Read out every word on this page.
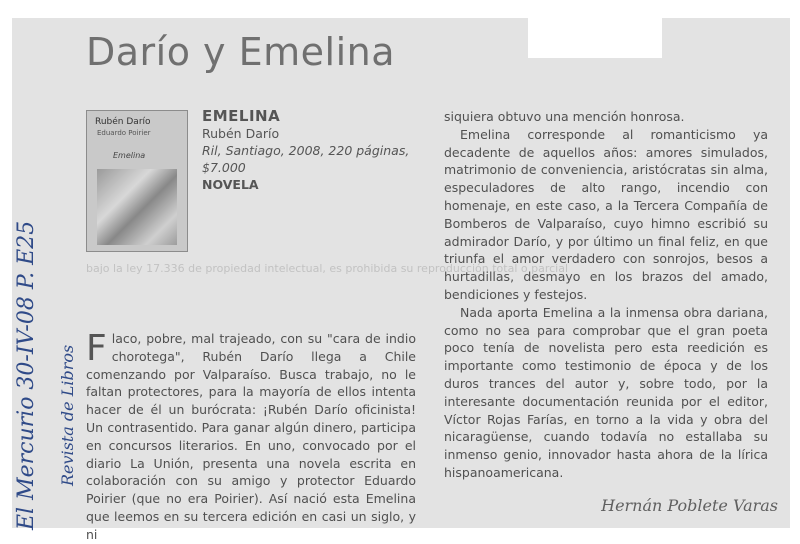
Darío y Emelina
Rubén Darío
Eduardo Poirier
Emelina
EMELINA
Rubén Darío
Ril, Santiago, 2008, 220 páginas,
$7.000
NOVELA
bajo la ley 17.336 de propiedad intelectual, es prohibida su reproducción total o parcial

Flaco, pobre, mal trajeado, con su "cara de indio chorotega", Rubén Darío llega a Chile comenzando por Valparaíso. Busca trabajo, no le faltan protectores, para la mayoría de ellos intenta hacer de él un burócrata: ¡Rubén Darío oficinista! Un contrasentido. Para ganar algún dinero, participa en concursos literarios. En uno, convocado por el diario La Unión, presenta una novela escrita en colaboración con su amigo y protector Eduardo Poirier (que no era Poirier). Así nació esta Emelina que leemos en su tercera edición en casi un siglo, y ni

siquiera obtuvo una mención honrosa.

Emelina corresponde al romanticismo ya decadente de aquellos años: amores simulados, matrimonio de conveniencia, aristócratas sin alma, especuladores de alto rango, incendio con homenaje, en este caso, a la Tercera Compañía de Bomberos de Valparaíso, cuyo himno escribió su admirador Darío, y por último un final feliz, en que triunfa el amor verdadero con sonrojos, besos a hurtadillas, desmayo en los brazos del amado, bendiciones y festejos.

Nada aporta Emelina a la inmensa obra dariana, como no sea para comprobar que el gran poeta poco tenía de novelista pero esta reedición es importante como testimonio de época y de los duros trances del autor y, sobre todo, por la interesante documentación reunida por el editor, Víctor Rojas Farías, en torno a la vida y obra del nicaragüense, cuando todavía no estallaba su inmenso genio, innovador hasta ahora de la lírica hispanoamericana.

Hernán Poblete Varas
El Mercurio 30-IV-08 P. E25 Revista de Libros
